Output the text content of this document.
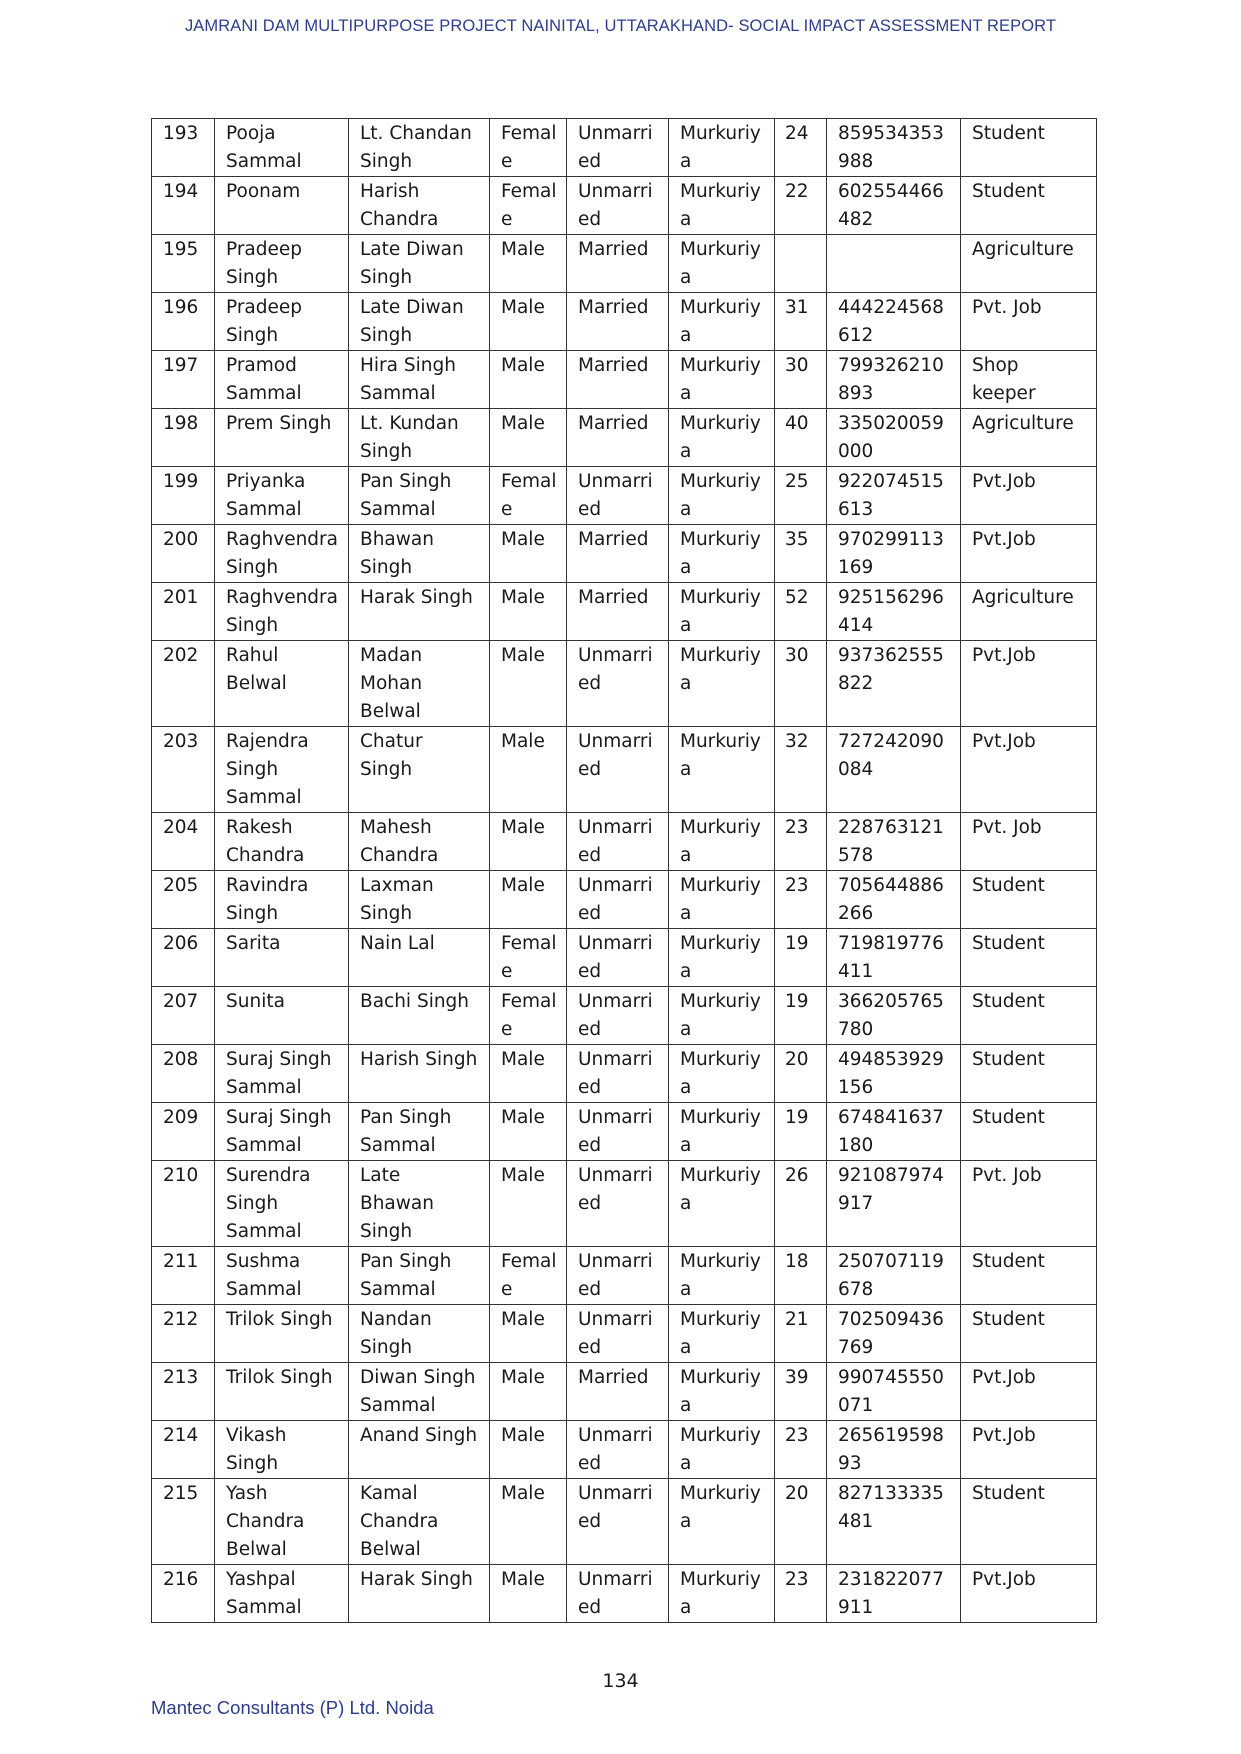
JAMRANI DAM MULTIPURPOSE PROJECT NAINITAL, UTTARAKHAND- SOCIAL IMPACT ASSESSMENT REPORT
193	Pooja Sammal	Lt. Chandan Singh	Female	Unmarried	Murkuriya	24	859534353988	Student
194	Poonam	Harish Chandra	Female	Unmarried	Murkuriya	22	602554466482	Student
195	Pradeep Singh	Late Diwan Singh	Male	Married	Murkuriya			Agriculture
196	Pradeep Singh	Late Diwan Singh	Male	Married	Murkuriya	31	444224568612	Pvt. Job
197	Pramod Sammal	Hira Singh Sammal	Male	Married	Murkuriya	30	799326210893	Shop keeper
198	Prem Singh	Lt. Kundan Singh	Male	Married	Murkuriya	40	335020059000	Agriculture
199	Priyanka Sammal	Pan Singh Sammal	Female	Unmarried	Murkuriya	25	922074515613	Pvt.Job
200	Raghvendra Singh	Bhawan Singh	Male	Married	Murkuriya	35	970299113169	Pvt.Job
201	Raghvendra Singh	Harak Singh	Male	Married	Murkuriya	52	925156296414	Agriculture
202	Rahul Belwal	Madan Mohan Belwal	Male	Unmarried	Murkuriya	30	937362555822	Pvt.Job
203	Rajendra Singh Sammal	Chatur Singh	Male	Unmarried	Murkuriya	32	727242090084	Pvt.Job
204	Rakesh Chandra	Mahesh Chandra	Male	Unmarried	Murkuriya	23	228763121578	Pvt. Job
205	Ravindra Singh	Laxman Singh	Male	Unmarried	Murkuriya	23	705644886266	Student
206	Sarita	Nain Lal	Female	Unmarried	Murkuriya	19	719819776411	Student
207	Sunita	Bachi Singh	Female	Unmarried	Murkuriya	19	366205765780	Student
208	Suraj Singh Sammal	Harish Singh	Male	Unmarried	Murkuriya	20	494853929156	Student
209	Suraj Singh Sammal	Pan Singh Sammal	Male	Unmarried	Murkuriya	19	674841637180	Student
210	Surendra Singh Sammal	Late Bhawan Singh	Male	Unmarried	Murkuriya	26	921087974917	Pvt. Job
211	Sushma Sammal	Pan Singh Sammal	Female	Unmarried	Murkuriya	18	250707119678	Student
212	Trilok Singh	Nandan Singh	Male	Unmarried	Murkuriya	21	702509436769	Student
213	Trilok Singh	Diwan Singh Sammal	Male	Married	Murkuriya	39	990745550071	Pvt.Job
214	Vikash Singh	Anand Singh	Male	Unmarried	Murkuriya	23	26561959893	Pvt.Job
215	Yash Chandra Belwal	Kamal Chandra Belwal	Male	Unmarried	Murkuriya	20	827133335481	Student
216	Yashpal Sammal	Harak Singh	Male	Unmarried	Murkuriya	23	231822077911	Pvt.Job
134
Mantec Consultants (P) Ltd. Noida
